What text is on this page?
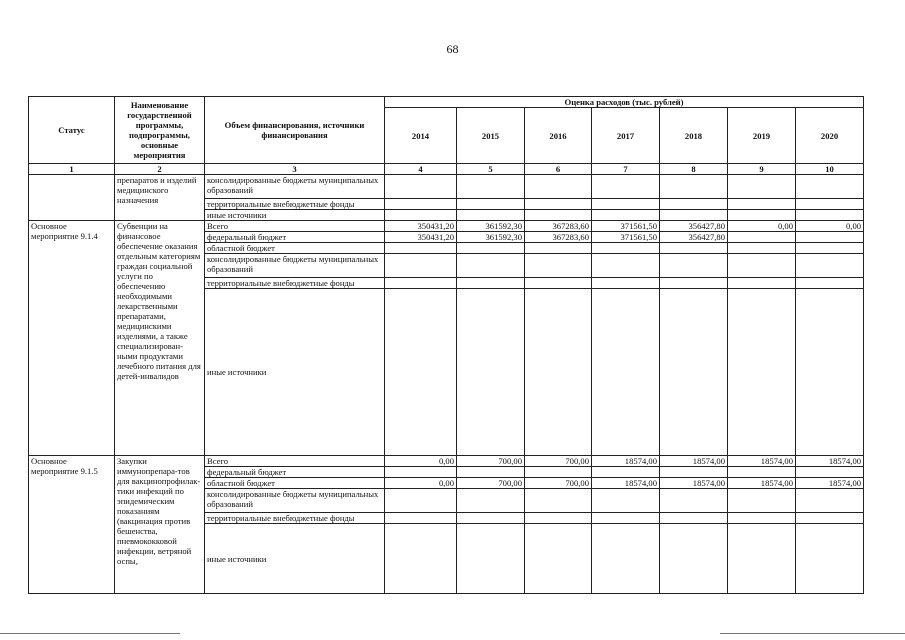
68
Статус	Наименование государственной программы, подпрограммы, основные мероприятия	Объем финансирования, источники финансирования	Оценка расходов (тыс. рублей)						
			2014	2015	2016	2017	2018	2019	2020
1	2	3	4	5	6	7	8	9	10
	препаратов и изделий медицинского назначения	консолидированные бюджеты муниципальных образований							
		территориальные внебюджетные фонды							
		иные источники							
Основное мероприятие 9.1.4	Субвенции на финансовое обеспечение оказания отдельным категориям граждан социальной услуги по обеспечению необходимыми лекарственными препаратами, медицинскими изделиями, а также специализирован-ными продуктами лечебного питания для детей-инвалидов	Всего	350431,20	361592,30	367283,60	371561,50	356427,80	0,00	0,00
		федеральный бюджет	350431,20	361592,30	367283,60	371561,50	356427,80		
		областной бюджет							
		консолидированные бюджеты муниципальных образований							
		территориальные внебюджетные фонды							
		иные источники							
Основное мероприятие 9.1.5	Закупки иммунопрепара-тов для вакцинопрофилак-тики инфекций по эпидемическим показаниям (вакцинация против бешенства, пневмококковой инфекции, ветряной оспы,	Всего	0,00	700,00	700,00	18574,00	18574,00	18574,00	18574,00
		федеральный бюджет							
		областной бюджет	0,00	700,00	700,00	18574,00	18574,00	18574,00	18574,00
		консолидированные бюджеты муниципальных образований							
		территориальные внебюджетные фонды							
		иные источники							
